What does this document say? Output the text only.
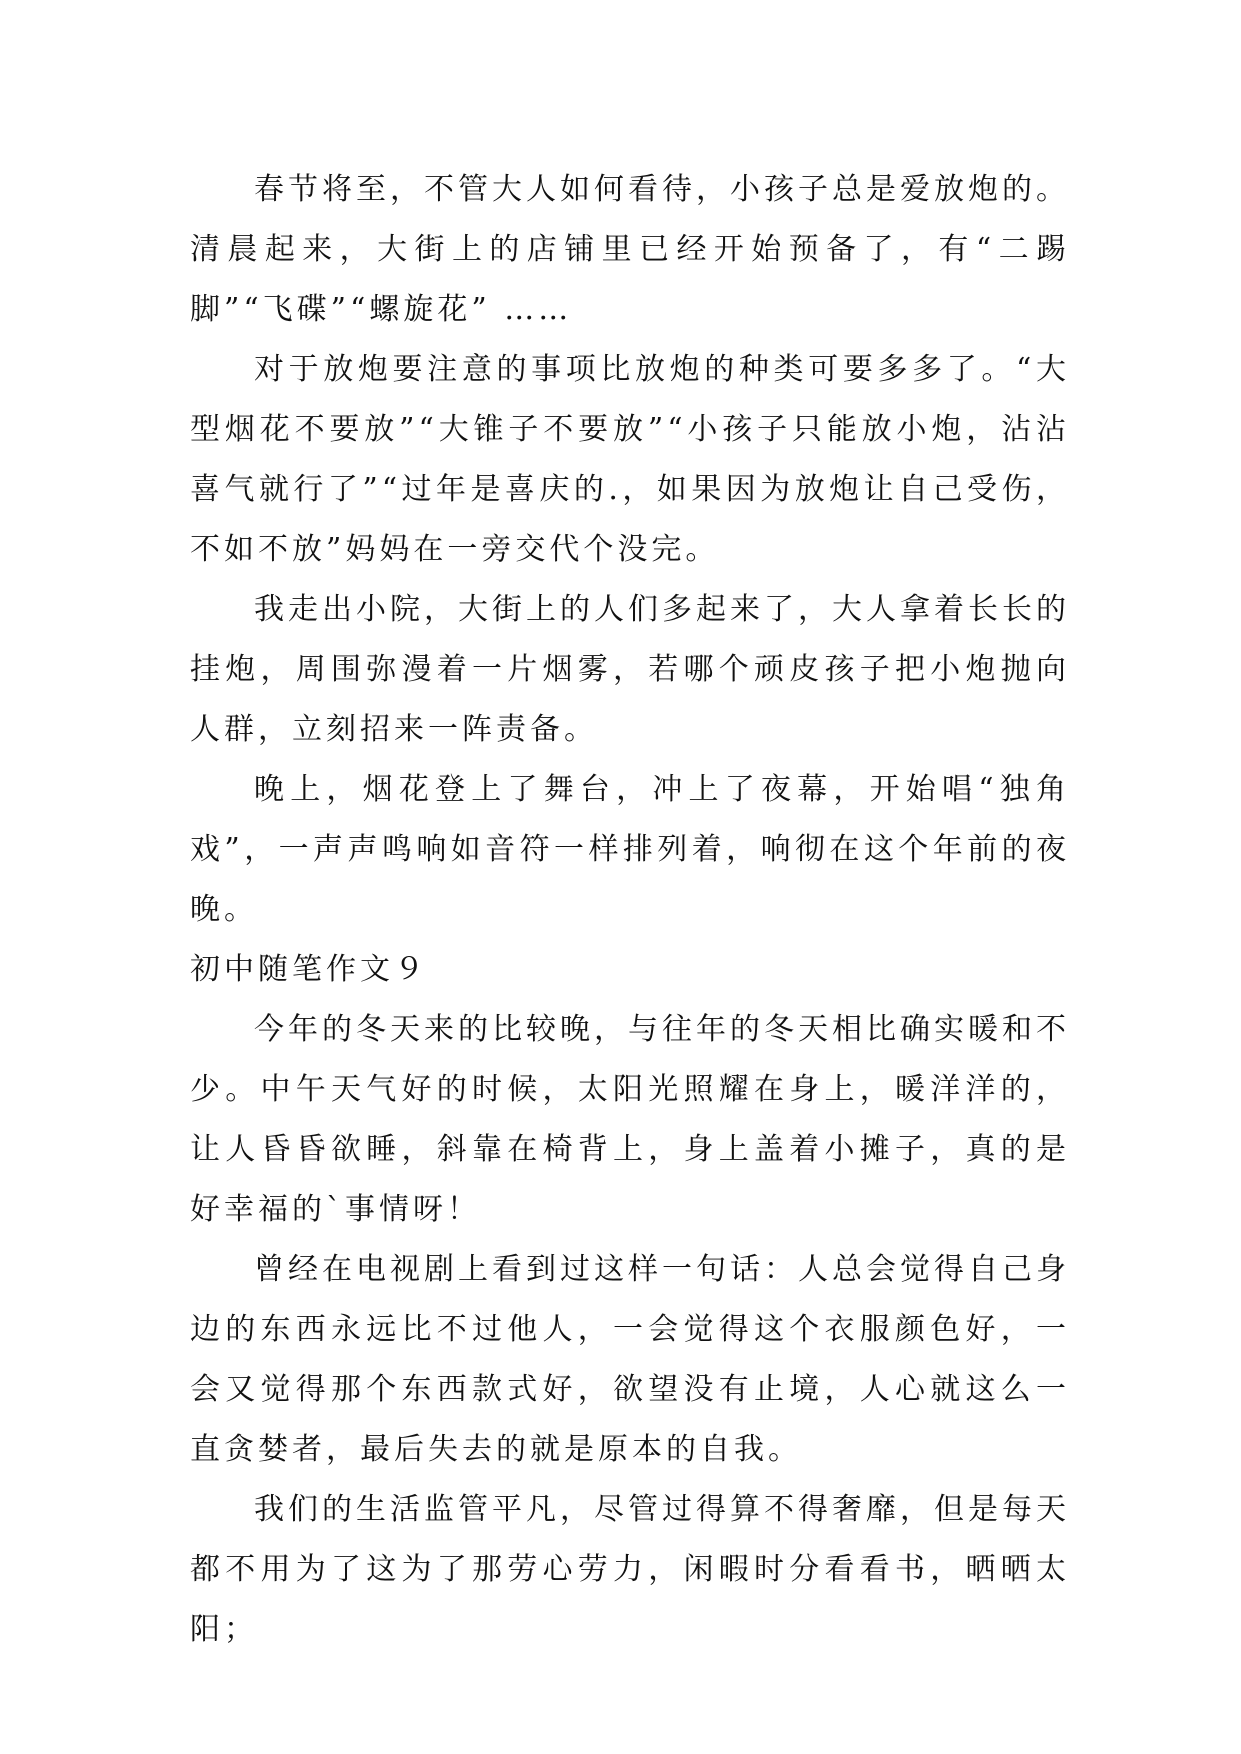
春节将至，不管大人如何看待，小孩子总是爱放炮的。清晨起来，大街上的店铺里已经开始预备了，有“二踢脚”“飞碟”“螺旋花” ……

对于放炮要注意的事项比放炮的种类可要多多了。“大型烟花不要放”“大锥子不要放”“小孩子只能放小炮，沾沾喜气就行了”“过年是喜庆的.，如果因为放炮让自己受伤，不如不放”妈妈在一旁交代个没完。

我走出小院，大街上的人们多起来了，大人拿着长长的挂炮，周围弥漫着一片烟雾，若哪个顽皮孩子把小炮抛向人群，立刻招来一阵责备。

晚上，烟花登上了舞台，冲上了夜幕，开始唱“独角戏”，一声声鸣响如音符一样排列着，响彻在这个年前的夜晚。

初中随笔作文９

今年的冬天来的比较晚，与往年的冬天相比确实暖和不少。中午天气好的时候，太阳光照耀在身上，暖洋洋的，让人昏昏欲睡，斜靠在椅背上，身上盖着小摊子，真的是好幸福的`事情呀！

曾经在电视剧上看到过这样一句话：人总会觉得自己身边的东西永远比不过他人，一会觉得这个衣服颜色好，一会又觉得那个东西款式好，欲望没有止境，人心就这么一直贪婪者，最后失去的就是原本的自我。

我们的生活监管平凡，尽管过得算不得奢靡，但是每天都不用为了这为了那劳心劳力，闲暇时分看看书，晒晒太阳；
